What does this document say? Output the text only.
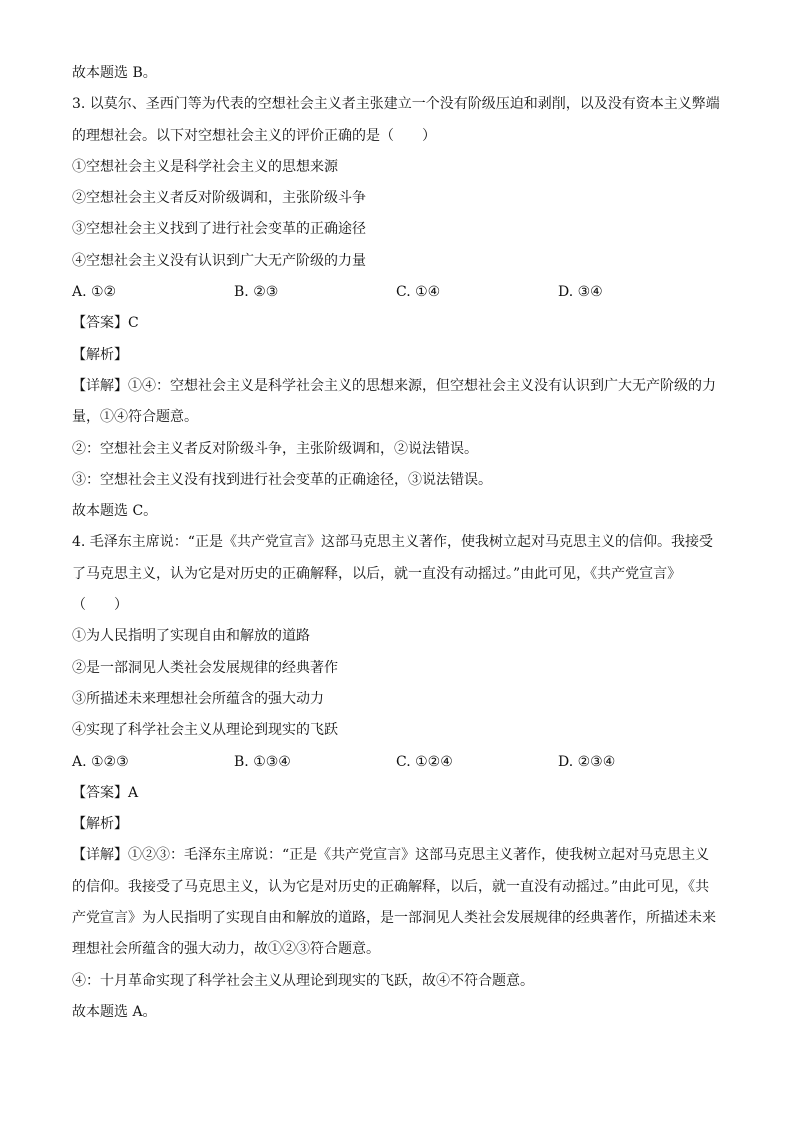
故本题选 B。
3. 以莫尔、圣西门等为代表的空想社会主义者主张建立一个没有阶级压迫和剥削，以及没有资本主义弊端
的理想社会。以下对空想社会主义的评价正确的是（　　）
①空想社会主义是科学社会主义的思想来源
②空想社会主义者反对阶级调和，主张阶级斗争
③空想社会主义找到了进行社会变革的正确途径
④空想社会主义没有认识到广大无产阶级的力量
A. ①②	B. ②③	C. ①④	D. ③④
【答案】C
【解析】
【详解】①④：空想社会主义是科学社会主义的思想来源，但空想社会主义没有认识到广大无产阶级的力
量，①④符合题意。
②：空想社会主义者反对阶级斗争，主张阶级调和，②说法错误。
③：空想社会主义没有找到进行社会变革的正确途径，③说法错误。
故本题选 C。
4. 毛泽东主席说：“正是《共产党宣言》这部马克思主义著作，使我树立起对马克思主义的信仰。我接受
了马克思主义，认为它是对历史的正确解释，以后，就一直没有动摇过。”由此可见，《共产党宣言》
（　　）
①为人民指明了实现自由和解放的道路
②是一部洞见人类社会发展规律的经典著作
③所描述未来理想社会所蕴含的强大动力
④实现了科学社会主义从理论到现实的飞跃
A. ①②③	B. ①③④	C. ①②④	D. ②③④
【答案】A
【解析】
【详解】①②③：毛泽东主席说：“正是《共产党宣言》这部马克思主义著作，使我树立起对马克思主义
的信仰。我接受了马克思主义，认为它是对历史的正确解释，以后，就一直没有动摇过。”由此可见，《共
产党宣言》为人民指明了实现自由和解放的道路，是一部洞见人类社会发展规律的经典著作，所描述未来
理想社会所蕴含的强大动力，故①②③符合题意。
④：十月革命实现了科学社会主义从理论到现实的飞跃，故④不符合题意。
故本题选 A。
